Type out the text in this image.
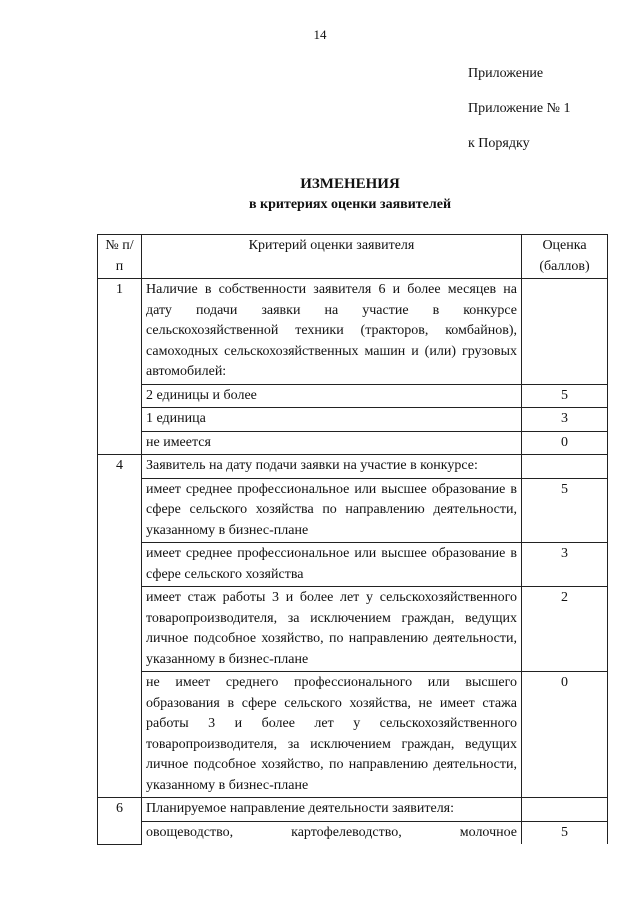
14
Приложение
Приложение № 1
к Порядку
ИЗМЕНЕНИЯ
в критериях оценки заявителей
№ п/п	Критерий оценки заявителя	Оценка (баллов)
1	Наличие в собственности заявителя 6 и более месяцев на дату подачи заявки на участие в конкурсе сельскохозяйственной техники (тракторов, комбайнов), самоходных сельскохозяйственных машин и (или) грузовых автомобилей:	
	2 единицы и более	5
	1 единица	3
	не имеется	0
4	Заявитель на дату подачи заявки на участие в конкурсе:	
	имеет среднее профессиональное или высшее образование в сфере сельского хозяйства по направлению деятельности, указанному в бизнес-плане	5
	имеет среднее профессиональное или высшее образование в сфере сельского хозяйства	3
	имеет стаж работы 3 и более лет у сельскохозяйственного товаропроизводителя, за исключением граждан, ведущих личное подсобное хозяйство, по направлению деятельности, указанному в бизнес-плане	2
	не имеет среднего профессионального или высшего образования в сфере сельского хозяйства, не имеет стажа работы 3 и более лет у сельскохозяйственного товаропроизводителя, за исключением граждан, ведущих личное подсобное хозяйство, по направлению деятельности, указанному в бизнес-плане	0
6	Планируемое направление деятельности заявителя:	
	овощеводство, картофелеводство, молочное	5
